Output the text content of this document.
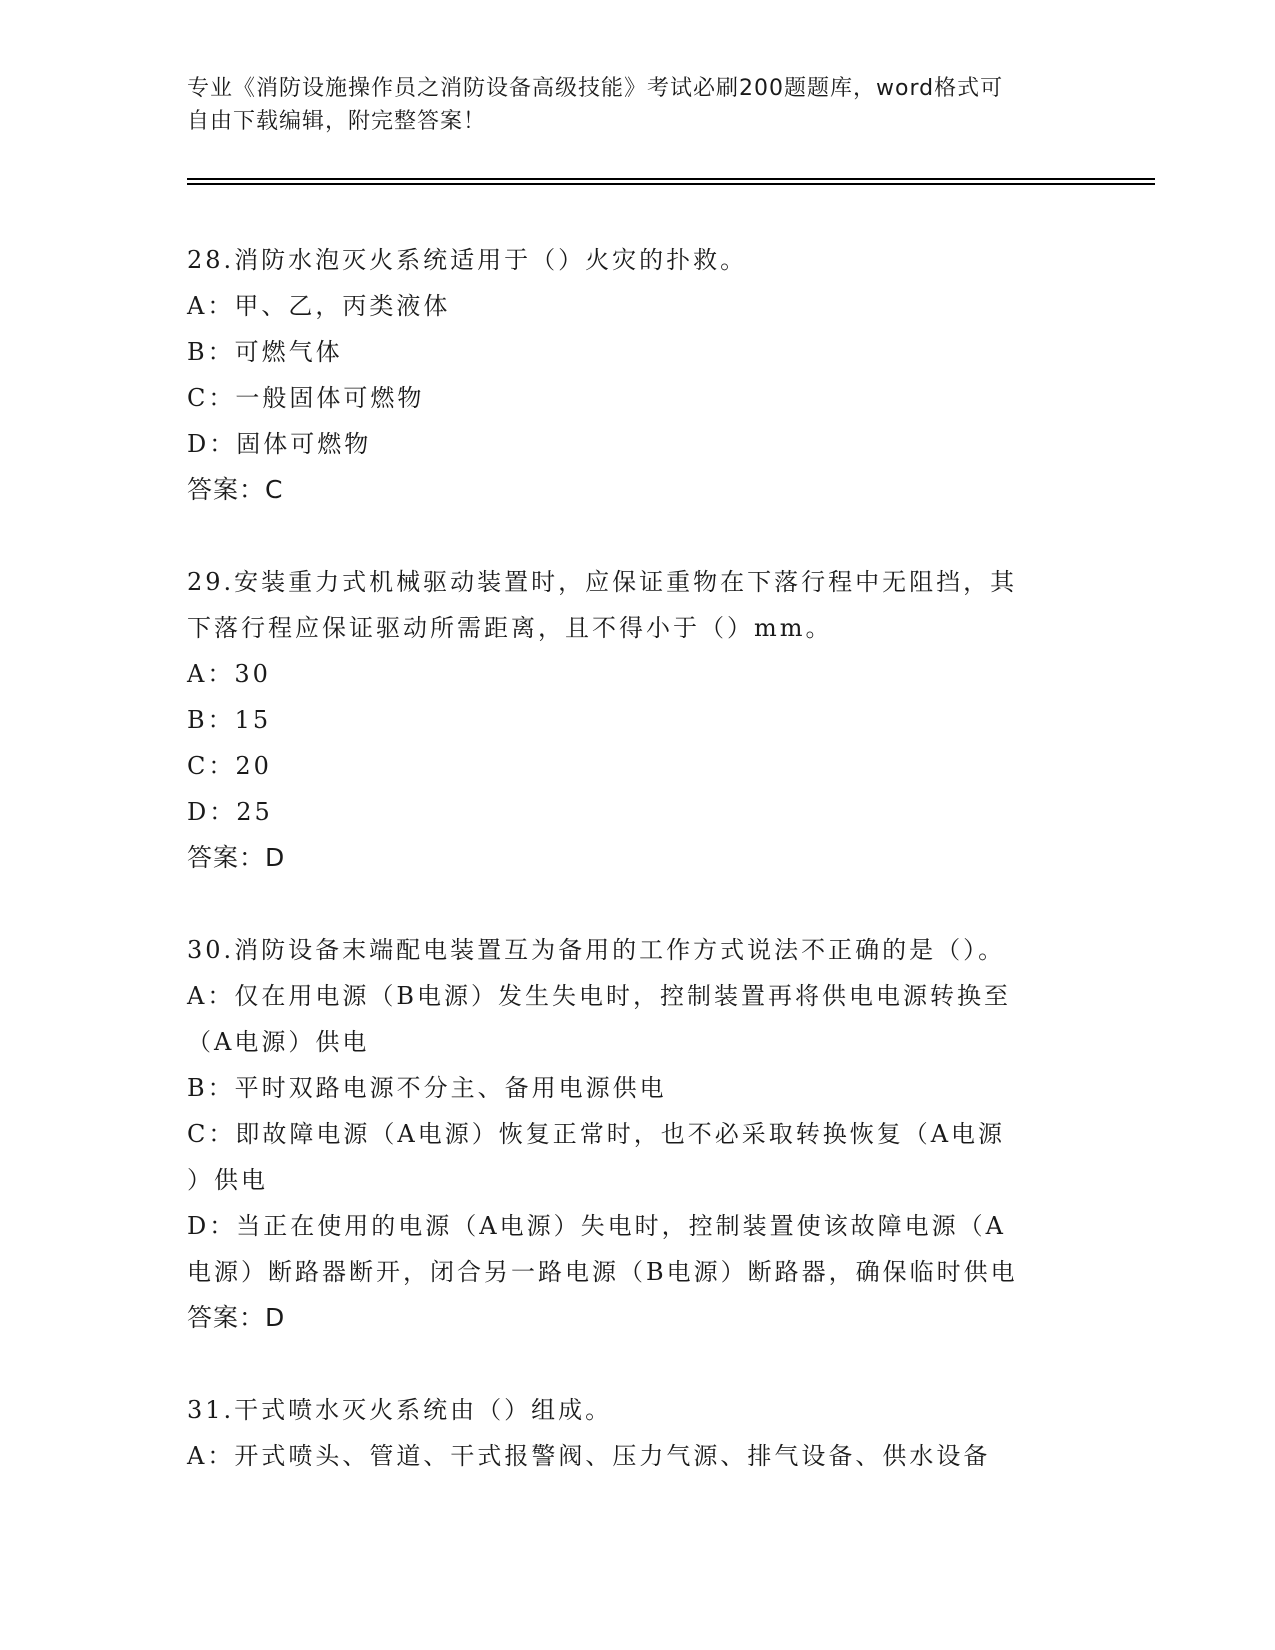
专业《消防设施操作员之消防设备高级技能》考试必刷200题题库，word格式可

自由下载编辑，附完整答案！

28.消防水泡灭火系统适用于（）火灾的扑救。

A：甲、乙，丙类液体

B：可燃气体

C：一般固体可燃物

D：固体可燃物

答案：C

29.安装重力式机械驱动装置时，应保证重物在下落行程中无阻挡，其

下落行程应保证驱动所需距离，且不得小于（）mm。

A：30

B：15

C：20

D：25

答案：D

30.消防设备末端配电装置互为备用的工作方式说法不正确的是（）。

A：仅在用电源（B电源）发生失电时，控制装置再将供电电源转换至

（A电源）供电

B：平时双路电源不分主、备用电源供电

C：即故障电源（A电源）恢复正常时，也不必采取转换恢复（A电源

）供电

D：当正在使用的电源（A电源）失电时，控制装置使该故障电源（A

电源）断路器断开，闭合另一路电源（B电源）断路器，确保临时供电

答案：D

31.干式喷水灭火系统由（）组成。

A：开式喷头、管道、干式报警阀、压力气源、排气设备、供水设备
